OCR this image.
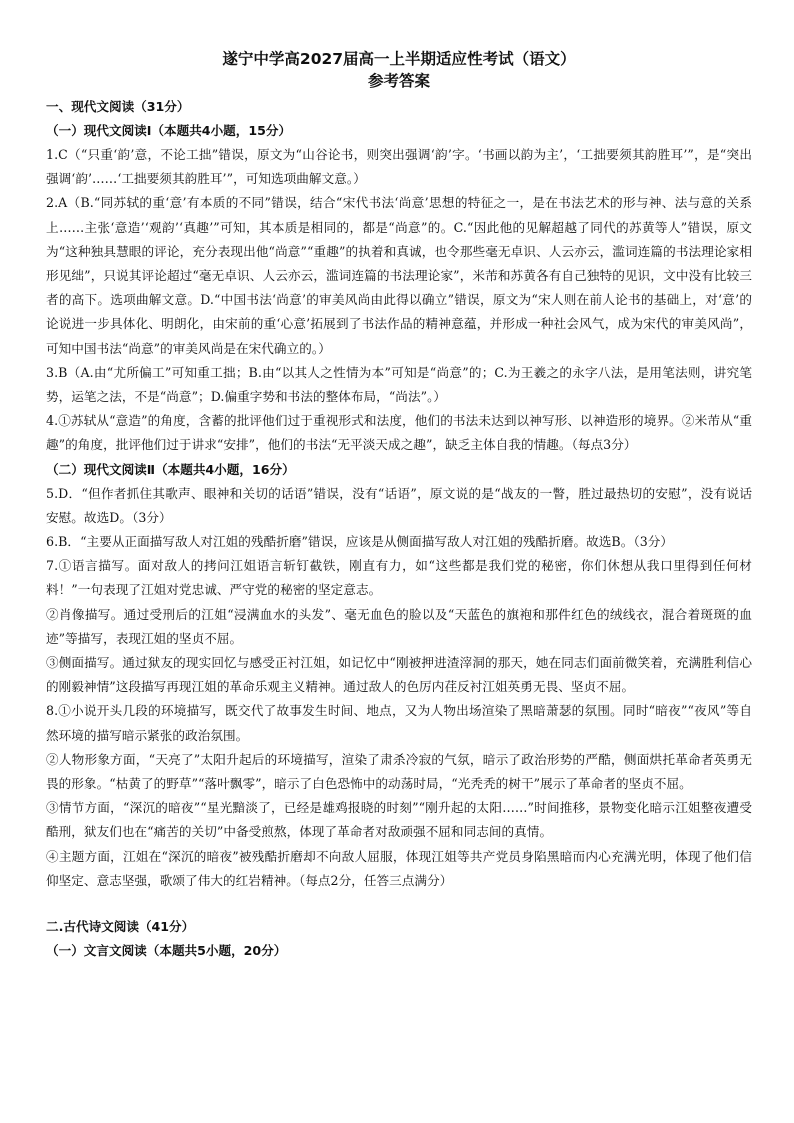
遂宁中学高2027届高一上半期适应性考试（语文）

参考答案

一、现代文阅读（31分）

（一）现代文阅读Ⅰ（本题共4小题，15分）

1.C（“只重‘韵’意，不论工拙”错误，原文为“山谷论书，则突出强调‘韵’字。‘书画以韵为主’，‘工拙要须其韵胜耳’”，是“突出强调‘韵’……‘工拙要须其韵胜耳’”，可知选项曲解文意。）

2.A（B.“同苏轼的重‘意’有本质的不同”错误，结合“宋代书法‘尚意’思想的特征之一，是在书法艺术的形与神、法与意的关系上……主张‘意造’‘观韵’‘真趣’”可知，其本质是相同的，都是“尚意”的。C.“因此他的见解超越了同代的苏黄等人”错误，原文为“这种独具慧眼的评论，充分表现出他“尚意”“重趣”的执着和真诚，也令那些毫无卓识、人云亦云，滥词连篇的书法理论家相形见绌”，只说其评论超过“毫无卓识、人云亦云，滥词连篇的书法理论家”，米芾和苏黄各有自己独特的见识，文中没有比较三者的高下。选项曲解文意。D.“中国书法‘尚意’的审美风尚由此得以确立”错误，原文为“宋人则在前人论书的基础上，对‘意’的论说进一步具体化、明朗化，由宋前的重‘心意’拓展到了书法作品的精神意蕴，并形成一种社会风气，成为宋代的审美风尚”，可知中国书法“尚意”的审美风尚是在宋代确立的。）

3.B（A.由“尤所偏工”可知重工拙；B.由“以其人之性情为本”可知是“尚意”的；C.为王羲之的永字八法，是用笔法则，讲究笔势，运笔之法，不是“尚意”；D.偏重字势和书法的整体布局，“尚法”。）

4.①苏轼从“意造”的角度，含蓄的批评他们过于重视形式和法度，他们的书法未达到以神写形、以神造形的境界。②米芾从“重趣”的角度，批评他们过于讲求“安排”，他们的书法“无平淡天成之趣”，缺乏主体自我的情趣。（每点3分）

（二）现代文阅读Ⅱ（本题共4小题，16分）

5.D．“但作者抓住其歌声、眼神和关切的话语”错误，没有“话语”，原文说的是“战友的一瞥，胜过最热切的安慰”，没有说话安慰。故选D。（3分）

6.B．“主要从正面描写敌人对江姐的残酷折磨”错误，应该是从侧面描写敌人对江姐的残酷折磨。故选B。（3分）

7.①语言描写。面对敌人的拷问江姐语言斩钉截铁，刚直有力，如“这些都是我们党的秘密，你们休想从我口里得到任何材料！”一句表现了江姐对党忠诚、严守党的秘密的坚定意志。

②肖像描写。通过受刑后的江姐“浸满血水的头发”、毫无血色的脸以及“天蓝色的旗袍和那件红色的绒线衣，混合着斑斑的血迹”等描写，表现江姐的坚贞不屈。

③侧面描写。通过狱友的现实回忆与感受正衬江姐，如记忆中“刚被押进渣滓洞的那天，她在同志们面前微笑着，充满胜利信心的刚毅神情”这段描写再现江姐的革命乐观主义精神。通过敌人的色厉内荏反衬江姐英勇无畏、坚贞不屈。

8.①小说开头几段的环境描写，既交代了故事发生时间、地点，又为人物出场渲染了黑暗萧瑟的氛围。同时“暗夜”“夜风”等自然环境的描写暗示紧张的政治氛围。

②人物形象方面，“天亮了”太阳升起后的环境描写，渲染了肃杀冷寂的气氛，暗示了政治形势的严酷，侧面烘托革命者英勇无畏的形象。“枯黄了的野草”“落叶飘零”，暗示了白色恐怖中的动荡时局，“光秃秃的树干”展示了革命者的坚贞不屈。

③情节方面，“深沉的暗夜”“星光黯淡了，已经是雄鸡报晓的时刻”“刚升起的太阳……”时间推移，景物变化暗示江姐整夜遭受酷刑，狱友们也在“痛苦的关切”中备受煎熬，体现了革命者对敌顽强不屈和同志间的真情。

④主题方面，江姐在“深沉的暗夜”被残酷折磨却不向敌人屈服，体现江姐等共产党员身陷黑暗而内心充满光明，体现了他们信仰坚定、意志坚强，歌颂了伟大的红岩精神。（每点2分，任答三点满分）

二.古代诗文阅读（41分）

（一）文言文阅读（本题共5小题，20分）
